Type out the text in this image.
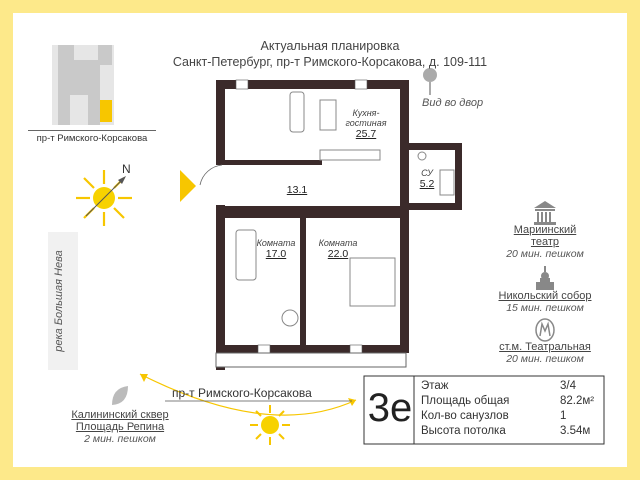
Актуальная планировка
Санкт-Петербург, пр-т Римского-Корсакова, д. 109-111
пр-т Римского-Корсакова
N
река Большая Нева
Вид во двор
Кухня-
гостиная
25.7
СУ
5.2
13.1
Комната
17.0
Комната
22.0
Мариинский
театр
20 мин. пешком
Никольский собор
15 мин. пешком
ст.м. Театральная
20 мин. пешком
Калининский сквер
Площадь Репина
2 мин. пешком
пр-т Римского-Корсакова 3е Этаж	3/4
Площадь общая	82.2м²
Кол-во санузлов	1
Высота потолка	3.54м
